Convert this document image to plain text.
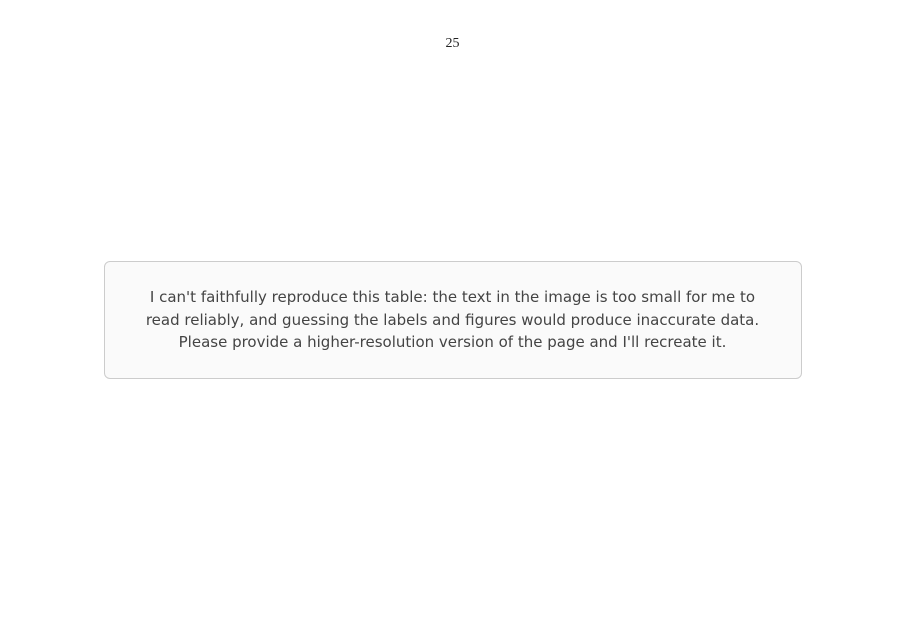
25
I can't faithfully reproduce this table: the text in the image is too small for me to read reliably, and guessing the labels and figures would produce inaccurate data. Please provide a higher-resolution version of the page and I'll recreate it.
